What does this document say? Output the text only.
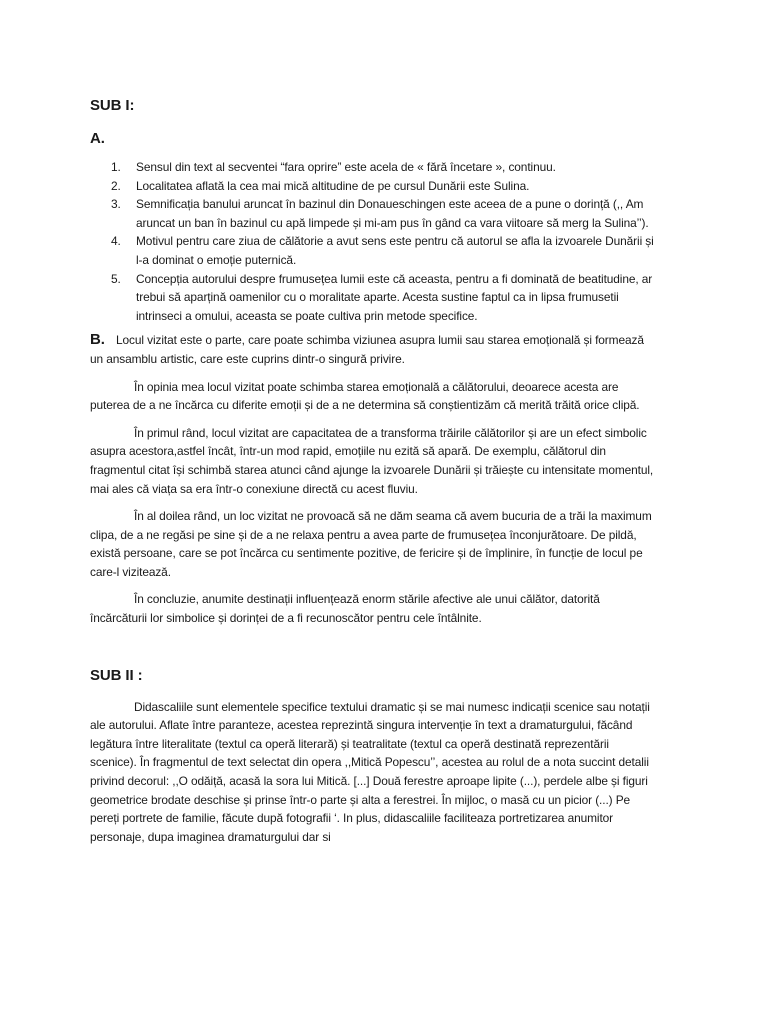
SUB I:
A.
1. Sensul din text al secventei “fara oprire” este acela de « fără încetare », continuu.
2. Localitatea aflată la cea mai mică altitudine de pe cursul Dunării este Sulina.
3. Semnificația banului aruncat în bazinul din Donaueschingen este aceea de a pune o dorință (,, Am aruncat un ban în bazinul cu apă limpede și mi-am pus în gând ca vara viitoare să merg la Sulina’’).
4. Motivul pentru care ziua de călătorie a avut sens este pentru că autorul se afla la izvoarele Dunării și l-a dominat o emoție puternică.
5. Concepția autorului despre frumusețea lumii este că aceasta, pentru a fi dominată de beatitudine, ar trebui să aparțină oamenilor cu o moralitate aparte. Acesta sustine faptul ca in lipsa frumusetii intrinseci a omului, aceasta se poate cultiva prin metode specifice.

B. Locul vizitat este o parte, care poate schimba viziunea asupra lumii sau starea emoțională și formează un ansamblu artistic, care este cuprins dintr-o singură privire.

În opinia mea locul vizitat poate schimba starea emoțională a călătorului, deoarece acesta are puterea de a ne încărca cu diferite emoții și de a ne determina să conștientizăm că merită trăită orice clipă.

În primul rând, locul vizitat are capacitatea de a transforma trăirile călătorilor și are un efect simbolic asupra acestora,astfel încât, într-un mod rapid, emoțiile nu ezită să apară. De exemplu, călătorul din fragmentul citat își schimbă starea atunci când ajunge la izvoarele Dunării și trăiește cu intensitate momentul, mai ales că viața sa era într-o conexiune directă cu acest fluviu.

În al doilea rând, un loc vizitat ne provoacă să ne dăm seama că avem bucuria de a trăi la maximum clipa, de a ne regăsi pe sine și de a ne relaxa pentru a avea parte de frumusețea înconjurătoare. De pildă, există persoane, care se pot încărca cu sentimente pozitive, de fericire și de împlinire, în funcție de locul pe care-l vizitează.

În concluzie, anumite destinații influențează enorm stările afective ale unui călător, datorită încărcăturii lor simbolice și dorinței de a fi recunoscător pentru cele întâlnite.

SUB II :

Didascaliile sunt elementele specifice textului dramatic și se mai numesc indicații scenice sau notații ale autorului. Aflate între paranteze, acestea reprezintă singura intervenție în text a dramaturgului, făcând legătura între literalitate (textul ca operă literară) și teatralitate (textul ca operă destinată reprezentării scenice). În fragmentul de text selectat din opera ,,Mitică Popescu’’, acestea au rolul de a nota succint detalii privind decorul: ,,O odăiță, acasă la sora lui Mitică. [...] Două ferestre aproape lipite (...), perdele albe și figuri geometrice brodate deschise și prinse într-o parte și alta a ferestrei. În mijloc, o masă cu un picior (...) Pe pereți portrete de familie, făcute după fotografii ‘. In plus, didascaliile faciliteaza portretizarea anumitor personaje, dupa imaginea dramaturgului dar si
